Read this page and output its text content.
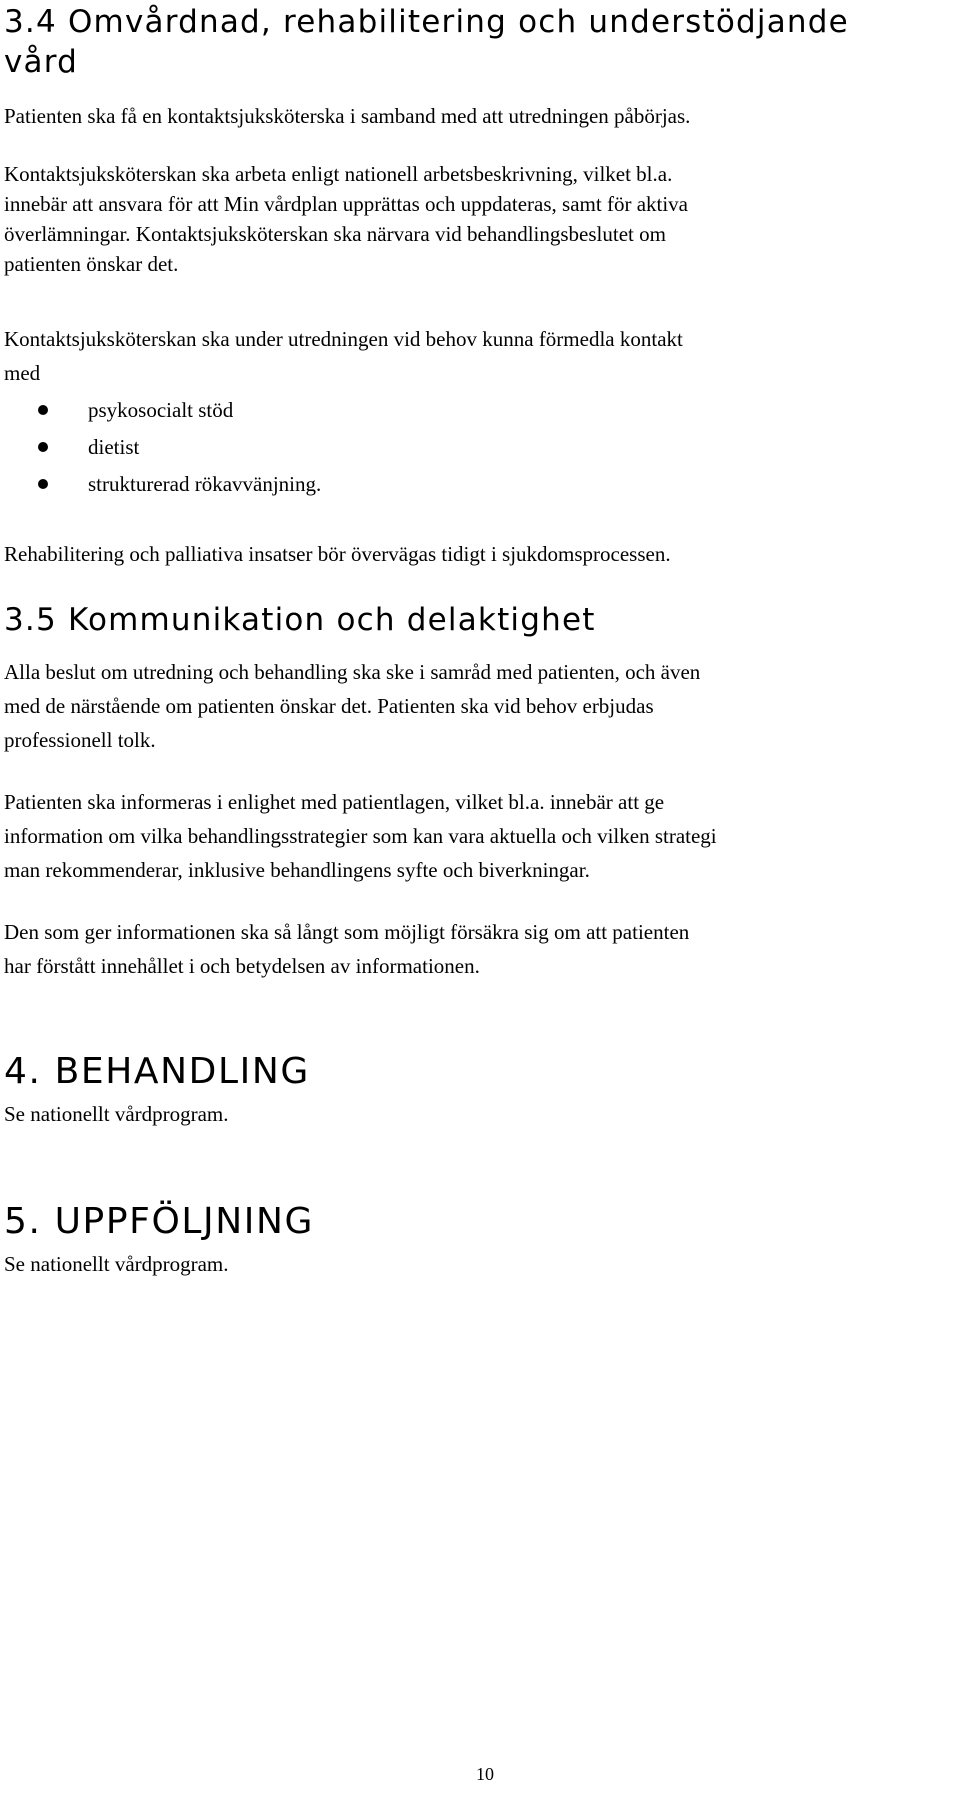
3.4 Omvårdnad, rehabilitering och understödjande
vård

Patienten ska få en kontaktsjuksköterska i samband med att utredningen påbörjas.

Kontaktsjuksköterskan ska arbeta enligt nationell arbetsbeskrivning, vilket bl.a.
innebär att ansvara för att Min vårdplan upprättas och uppdateras, samt för aktiva
överlämningar. Kontaktsjuksköterskan ska närvara vid behandlingsbeslutet om
patienten önskar det.

Kontaktsjuksköterskan ska under utredningen vid behov kunna förmedla kontakt
med

psykosocialt stöd
dietist
strukturerad rökavvänjning.

Rehabilitering och palliativa insatser bör övervägas tidigt i sjukdomsprocessen.

3.5 Kommunikation och delaktighet

Alla beslut om utredning och behandling ska ske i samråd med patienten, och även
med de närstående om patienten önskar det. Patienten ska vid behov erbjudas
professionell tolk.

Patienten ska informeras i enlighet med patientlagen, vilket bl.a. innebär att ge
information om vilka behandlingsstrategier som kan vara aktuella och vilken strategi
man rekommenderar, inklusive behandlingens syfte och biverkningar.

Den som ger informationen ska så långt som möjligt försäkra sig om att patienten
har förstått innehållet i och betydelsen av informationen.

4. BEHANDLING

Se nationellt vårdprogram.

5. UPPFÖLJNING

Se nationellt vårdprogram.

10
